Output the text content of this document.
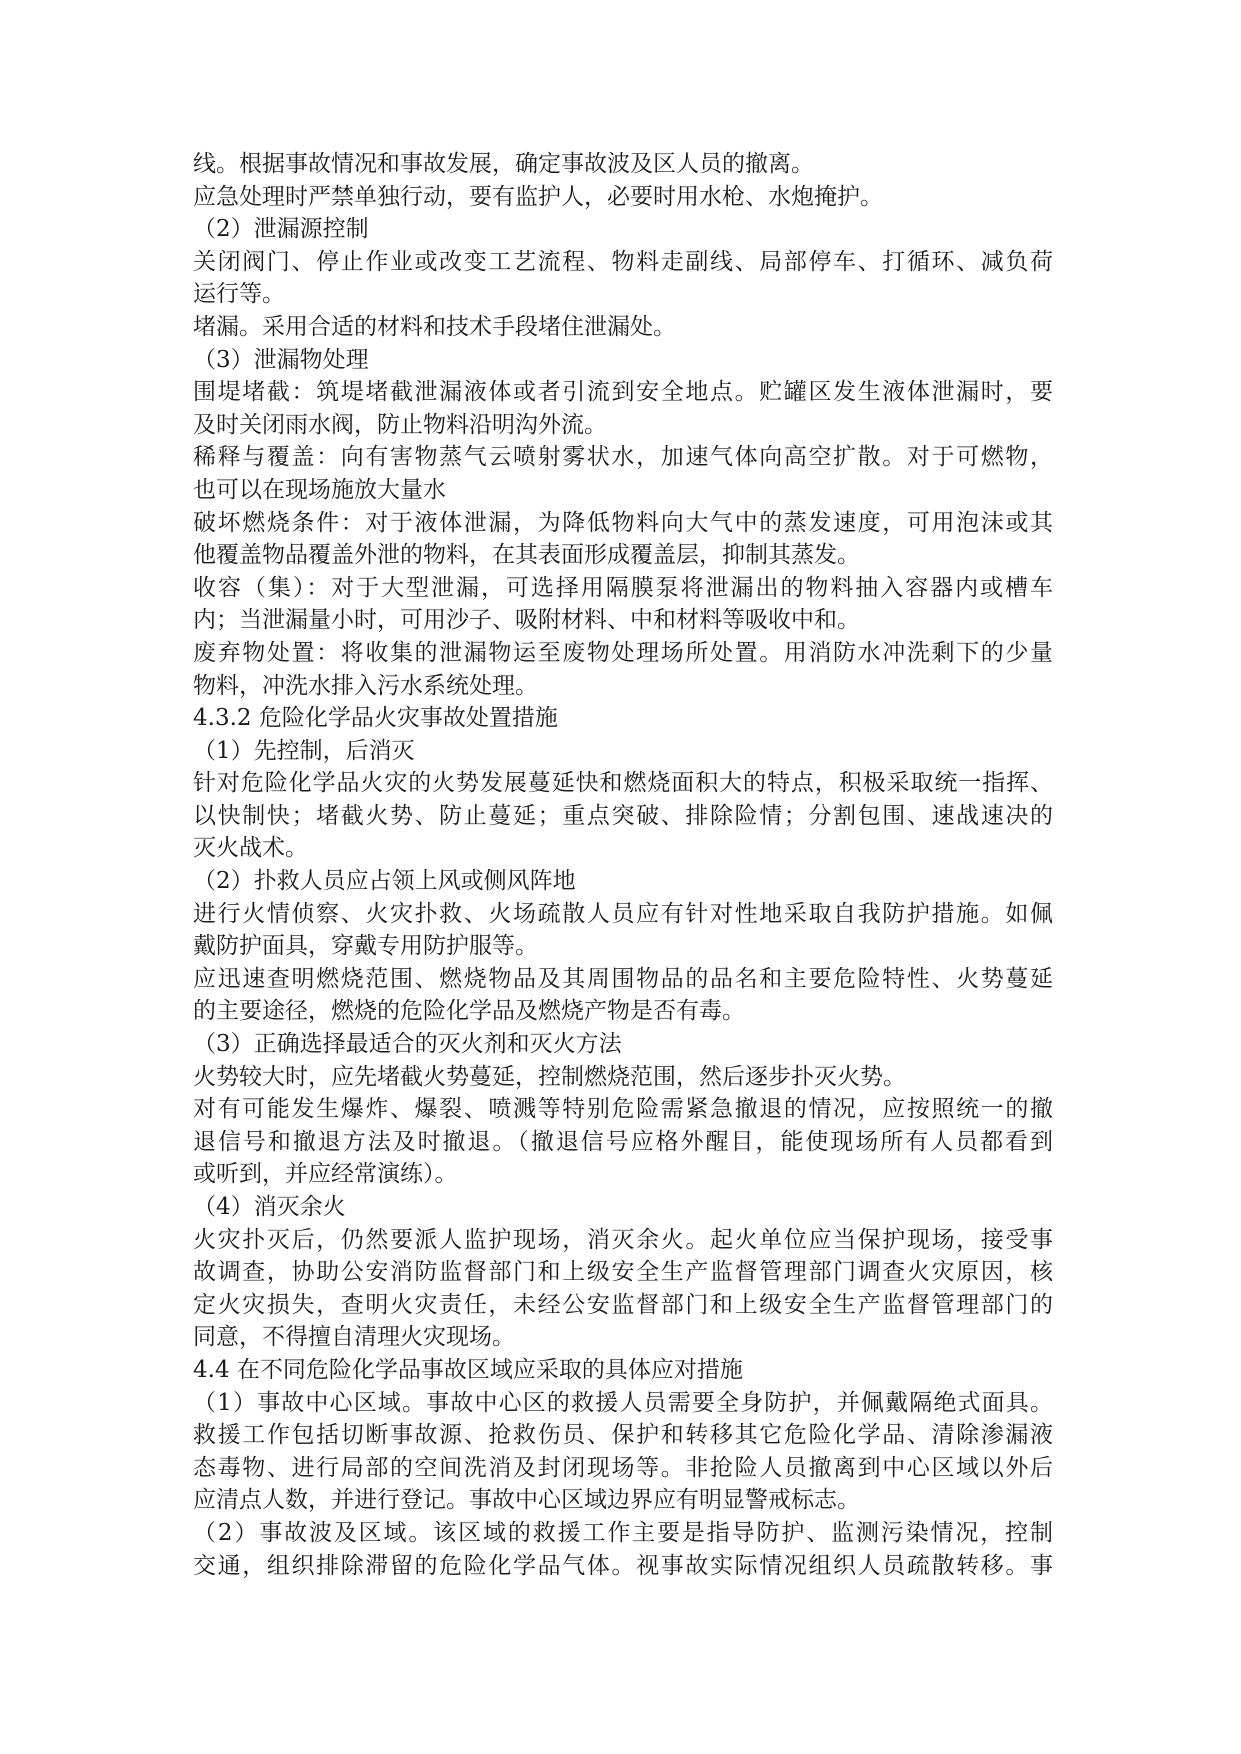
线。根据事故情况和事故发展，确定事故波及区人员的撤离。

应急处理时严禁单独行动，要有监护人，必要时用水枪、水炮掩护。

（2）泄漏源控制

关闭阀门、停止作业或改变工艺流程、物料走副线、局部停车、打循环、减负荷

运行等。

堵漏。采用合适的材料和技术手段堵住泄漏处。

（3）泄漏物处理

围堤堵截：筑堤堵截泄漏液体或者引流到安全地点。贮罐区发生液体泄漏时，要

及时关闭雨水阀，防止物料沿明沟外流。

稀释与覆盖：向有害物蒸气云喷射雾状水，加速气体向高空扩散。对于可燃物，

也可以在现场施放大量水

破坏燃烧条件：对于液体泄漏，为降低物料向大气中的蒸发速度，可用泡沫或其

他覆盖物品覆盖外泄的物料，在其表面形成覆盖层，抑制其蒸发。

收容（集）：对于大型泄漏，可选择用隔膜泵将泄漏出的物料抽入容器内或槽车

内；当泄漏量小时，可用沙子、吸附材料、中和材料等吸收中和。

废弃物处置：将收集的泄漏物运至废物处理场所处置。用消防水冲洗剩下的少量

物料，冲洗水排入污水系统处理。

4.3.2 危险化学品火灾事故处置措施

（1）先控制，后消灭

针对危险化学品火灾的火势发展蔓延快和燃烧面积大的特点，积极采取统一指挥、

以快制快；堵截火势、防止蔓延；重点突破、排除险情；分割包围、速战速决的

灭火战术。

（2）扑救人员应占领上风或侧风阵地

进行火情侦察、火灾扑救、火场疏散人员应有针对性地采取自我防护措施。如佩

戴防护面具，穿戴专用防护服等。

应迅速查明燃烧范围、燃烧物品及其周围物品的品名和主要危险特性、火势蔓延

的主要途径，燃烧的危险化学品及燃烧产物是否有毒。

（3）正确选择最适合的灭火剂和灭火方法

火势较大时，应先堵截火势蔓延，控制燃烧范围，然后逐步扑灭火势。

对有可能发生爆炸、爆裂、喷溅等特别危险需紧急撤退的情况，应按照统一的撤

退信号和撤退方法及时撤退。（撤退信号应格外醒目，能使现场所有人员都看到

或听到，并应经常演练）。

（4）消灭余火

火灾扑灭后，仍然要派人监护现场，消灭余火。起火单位应当保护现场，接受事

故调查，协助公安消防监督部门和上级安全生产监督管理部门调查火灾原因，核

定火灾损失，查明火灾责任，未经公安监督部门和上级安全生产监督管理部门的

同意，不得擅自清理火灾现场。

4.4 在不同危险化学品事故区域应采取的具体应对措施

（1）事故中心区域。事故中心区的救援人员需要全身防护，并佩戴隔绝式面具。

救援工作包括切断事故源、抢救伤员、保护和转移其它危险化学品、清除渗漏液

态毒物、进行局部的空间洗消及封闭现场等。非抢险人员撤离到中心区域以外后

应清点人数，并进行登记。事故中心区域边界应有明显警戒标志。

（2）事故波及区域。该区域的救援工作主要是指导防护、监测污染情况，控制

交通，组织排除滞留的危险化学品气体。视事故实际情况组织人员疏散转移。事
